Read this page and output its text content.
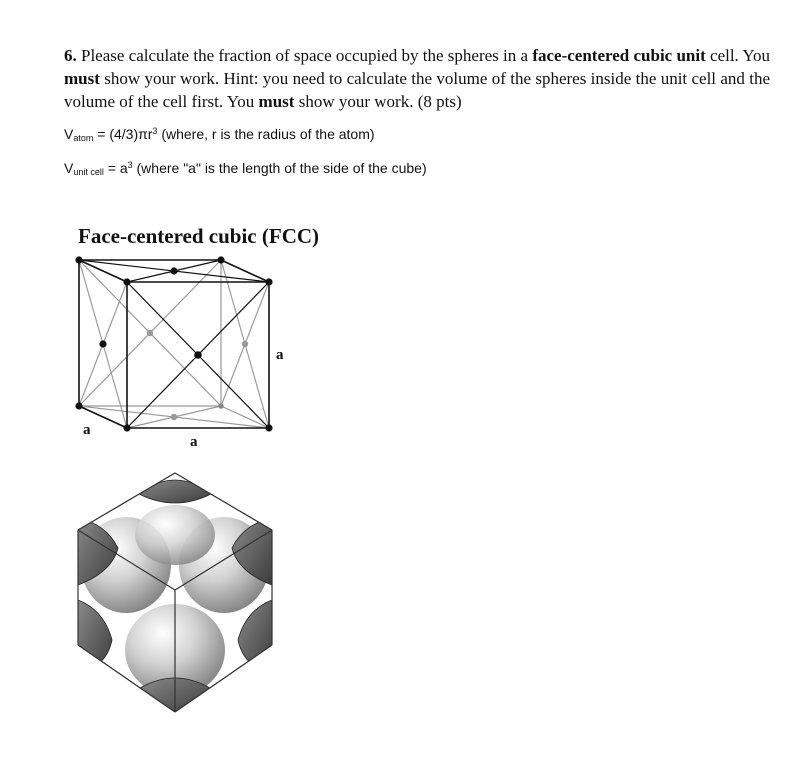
6. Please calculate the fraction of space occupied by the spheres in a face-centered cubic unit cell. You must show your work. Hint: you need to calculate the volume of the spheres inside the unit cell and the volume of the cell first. You must show your work. (8 pts)

$V_{atom} = (4/3)\pi r^3$ (where, r is the radius of the atom)

$V_{unit cell} = a^3$ (where "a" is the length of the side of the cube)

Face-centered cubic (FCC)

a
a
a
